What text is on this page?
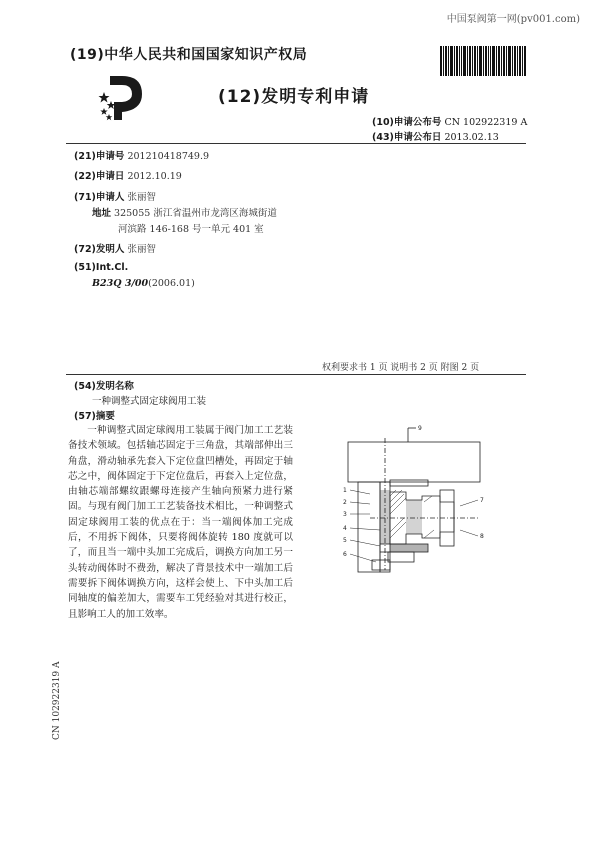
中国泵阀第一网(pv001.com)
(19)中华人民共和国国家知识产权局
(12)发明专利申请
(10)申请公布号 CN 102922319 A
(43)申请公布日 2013.02.13
(21)申请号 201210418749.9
(22)申请日 2012.10.19
(71)申请人 张丽智
地址 325055 浙江省温州市龙湾区海城街道
河滨路 146-168 号一单元 401 室
(72)发明人 张丽智
(51)Int.Cl.
B23Q 3/00(2006.01)
权利要求书 1 页 说明书 2 页 附图 2 页
(54)发明名称
一种调整式固定球阀用工装
(57)摘要
一种调整式固定球阀用工装属于阀门加工工艺装备技术领域。包括轴芯固定于三角盘，其端部伸出三角盘，滑动轴承先套入下定位盘凹槽处，再固定于轴芯之中，阀体固定于下定位盘后，再套入上定位盘，由轴芯端部螺纹跟螺母连接产生轴向预紧力进行紧固。与现有阀门加工工艺装备技术相比，一种调整式固定球阀用工装的优点在于：当一端阀体加工完成后，不用拆下阀体，只要将阀体旋转 180 度就可以了，而且当一端中头加工完成后，调换方向加工另一头转动阀体时不费劲，解决了背景技术中一端加工后需要拆下阀体调换方向，这样会使上、下中头加工后同轴度的偏差加大，需要车工凭经验对其进行校正，且影响工人的加工效率。
1
2
3
4
5
6
7
8
9
CN 102922319 A
